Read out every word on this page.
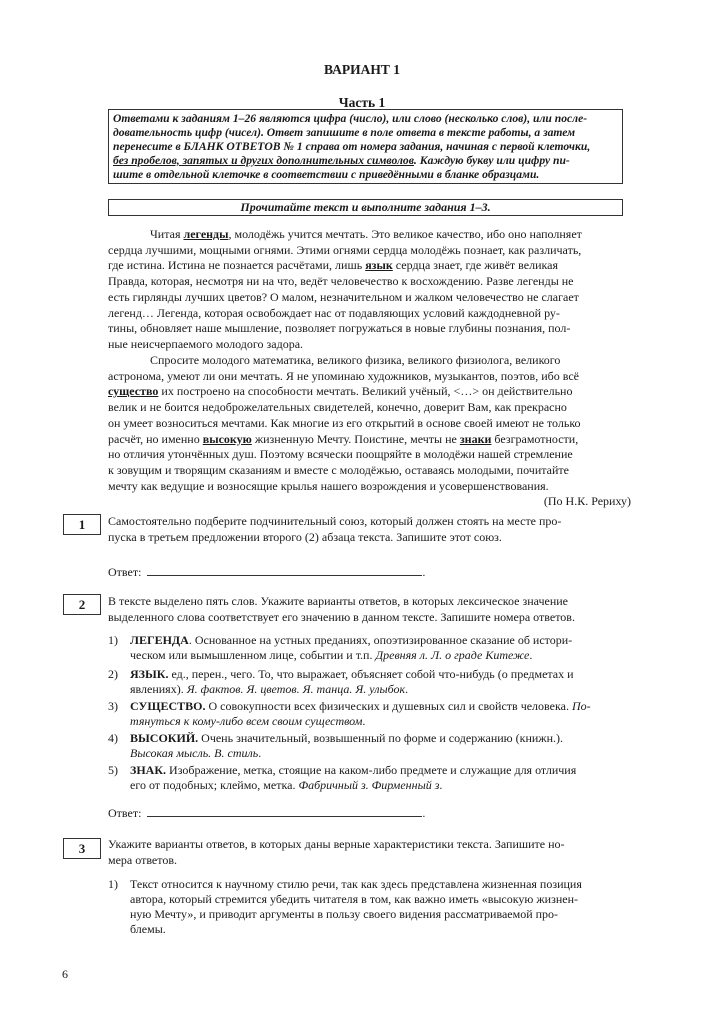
ВАРИАНТ 1
Часть 1
Ответами к заданиям 1–26 являются цифра (число), или слово (несколько слов), или после-
довательность цифр (чисел). Ответ запишите в поле ответа в тексте работы, а затем
перенесите в БЛАНК ОТВЕТОВ № 1 справа от номера задания, начиная с первой клеточки,
без пробелов, запятых и других дополнительных символов. Каждую букву или цифру пи-
шите в отдельной клеточке в соответствии с приведёнными в бланке образцами.
Прочитайте текст и выполните задания 1–3.
Читая легенды, молодёжь учится мечтать. Это великое качество, ибо оно наполняет
сердца лучшими, мощными огнями. Этими огнями сердца молодёжь познает, как различать,
где истина. Истина не познается расчётами, лишь язык сердца знает, где живёт великая
Правда, которая, несмотря ни на что, ведёт человечество к восхождению. Разве легенды не
есть гирлянды лучших цветов? О малом, незначительном и жалком человечество не слагает
легенд… Легенда, которая освобождает нас от подавляющих условий каждодневной ру-
тины, обновляет наше мышление, позволяет погружаться в новые глубины познания, пол-
ные неисчерпаемого молодого задора.
Спросите молодого математика, великого физика, великого физиолога, великого
астронома, умеют ли они мечтать. Я не упоминаю художников, музыкантов, поэтов, ибо всё
существо их построено на способности мечтать. Великий учёный, <…> он действительно
велик и не боится недоброжелательных свидетелей, конечно, доверит Вам, как прекрасно
он умеет возноситься мечтами. Как многие из его открытий в основе своей имеют не только
расчёт, но именно высокую жизненную Мечту. Поистине, мечты не знаки безграмотности,
но отличия утончённых душ. Поэтому всячески поощряйте в молодёжи нашей стремление
к зовущим и творящим сказаниям и вместе с молодёжью, оставаясь молодыми, почитайте
мечту как ведущие и возносящие крылья нашего возрождения и усовершенствования.
(По Н.К. Рериху)
1	Самостоятельно подберите подчинительный союз, который должен стоять на месте про-
пуска в третьем предложении второго (2) абзаца текста. Запишите этот союз.
Ответ:	.
2	В тексте выделено пять слов. Укажите варианты ответов, в которых лексическое значение
выделенного слова соответствует его значению в данном тексте. Запишите номера ответов.
1) ЛЕГЕНДА. Основанное на устных преданиях, опоэтизированное сказание об истори-
ческом или вымышленном лице, событии и т.п. Древняя л. Л. о граде Китеже.
2) ЯЗЫК. ед., перен., чего. То, что выражает, объясняет собой что-нибудь (о предметах и
явлениях). Я. фактов. Я. цветов. Я. танца. Я. улыбок.
3) СУЩЕСТВО. О совокупности всех физических и душевных сил и свойств человека. По-
тянуться к кому-либо всем своим существом.
4) ВЫСОКИЙ. Очень значительный, возвышенный по форме и содержанию (книжн.).
Высокая мысль. В. стиль.
5) ЗНАК. Изображение, метка, стоящие на каком-либо предмете и служащие для отличия
его от подобных; клеймо, метка. Фабричный з. Фирменный з.
Ответ:	.
3	Укажите варианты ответов, в которых даны верные характеристики текста. Запишите но-
мера ответов.
1) Текст относится к научному стилю речи, так как здесь представлена жизненная позиция
автора, который стремится убедить читателя в том, как важно иметь «высокую жизнен-
ную Мечту», и приводит аргументы в пользу своего видения рассматриваемой про-
блемы.
6
